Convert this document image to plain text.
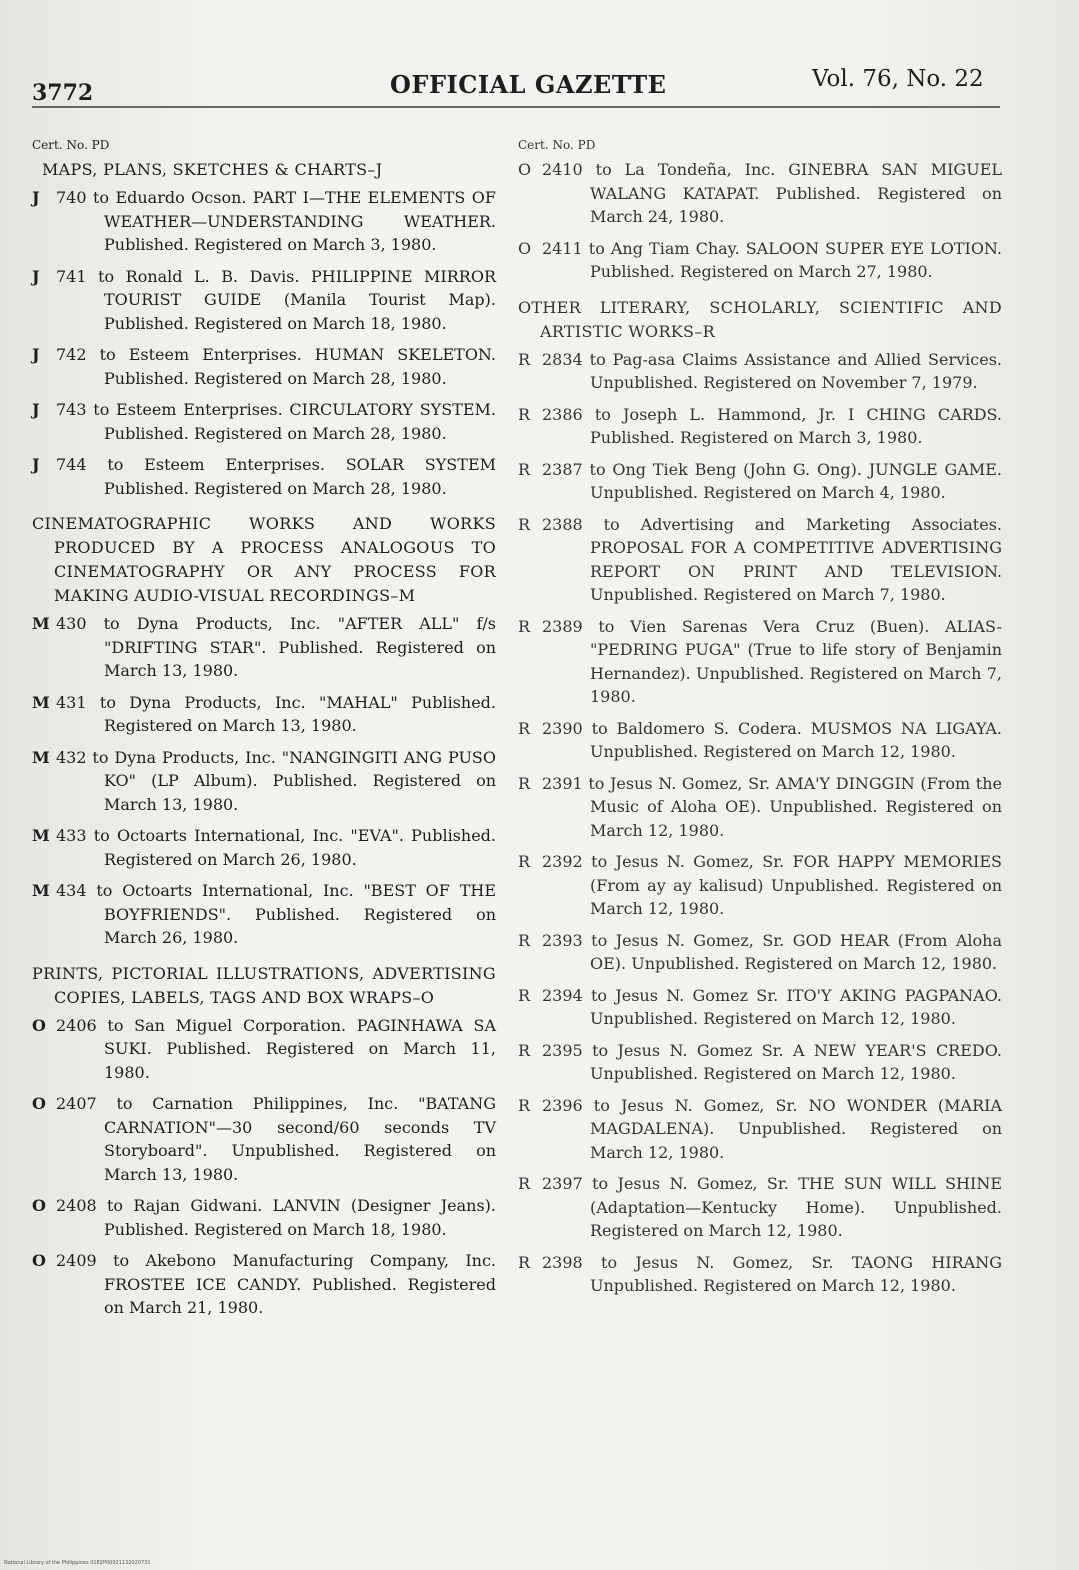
3772	OFFICIAL GAZETTE	Vol. 76, No. 22
Cert. No. PD
MAPS, PLANS, SKETCHES & CHARTS–J
J	740 to Eduardo Ocson. PART I—THE ELEMENTS OF WEATHER—UNDERSTANDING WEATHER. Published. Registered on March 3, 1980.
J	741 to Ronald L. B. Davis. PHILIPPINE MIRROR TOURIST GUIDE (Manila Tourist Map). Published. Registered on March 18, 1980.
J	742 to Esteem Enterprises. HUMAN SKELETON. Published. Registered on March 28, 1980.
J	743 to Esteem Enterprises. CIRCULATORY SYSTEM. Published. Registered on March 28, 1980.
J	744 to Esteem Enterprises. SOLAR SYSTEM Published. Registered on March 28, 1980.
CINEMATOGRAPHIC WORKS AND WORKS PRODUCED BY A PROCESS ANALOGOUS TO CINEMATOGRAPHY OR ANY PROCESS FOR MAKING AUDIO-VISUAL RECORDINGS–M
M 430 to Dyna Products, Inc. "AFTER ALL" f/s "DRIFTING STAR". Published. Registered on March 13, 1980.
M 431 to Dyna Products, Inc. "MAHAL" Published. Registered on March 13, 1980.
M 432 to Dyna Products, Inc. "NANGINGITI ANG PUSO KO" (LP Album). Published. Registered on March 13, 1980.
M 433 to Octoarts International, Inc. "EVA". Published. Registered on March 26, 1980.
M 434 to Octoarts International, Inc. "BEST OF THE BOYFRIENDS". Published. Registered on March 26, 1980.
PRINTS, PICTORIAL ILLUSTRATIONS, ADVERTISING COPIES, LABELS, TAGS AND BOX WRAPS–O
O 2406 to San Miguel Corporation. PAGINHAWA SA SUKI. Published. Registered on March 11, 1980.
O 2407 to Carnation Philippines, Inc. "BATANG CARNATION"—30 second/60 seconds TV Storyboard". Unpublished. Registered on March 13, 1980.
O 2408 to Rajan Gidwani. LANVIN (Designer Jeans). Published. Registered on March 18, 1980.
O 2409 to Akebono Manufacturing Company, Inc. FROSTEE ICE CANDY. Published. Registered on March 21, 1980.
Cert. No. PD
O 2410 to La Tondeña, Inc. GINEBRA SAN MIGUEL WALANG KATAPAT. Published. Registered on March 24, 1980.
O 2411 to Ang Tiam Chay. SALOON SUPER EYE LOTION. Published. Registered on March 27, 1980.
OTHER LITERARY, SCHOLARLY, SCIENTIFIC AND ARTISTIC WORKS–R
R 2834 to Pag-asa Claims Assistance and Allied Services. Unpublished. Registered on November 7, 1979.
R 2386 to Joseph L. Hammond, Jr. I CHING CARDS. Published. Registered on March 3, 1980.
R 2387 to Ong Tiek Beng (John G. Ong). JUNGLE GAME. Unpublished. Registered on March 4, 1980.
R 2388 to Advertising and Marketing Associates. PROPOSAL FOR A COMPETITIVE ADVERTISING REPORT ON PRINT AND TELEVISION. Unpublished. Registered on March 7, 1980.
R 2389 to Vien Sarenas Vera Cruz (Buen). ALIAS-"PEDRING PUGA" (True to life story of Benjamin Hernandez). Unpublished. Registered on March 7, 1980.
R 2390 to Baldomero S. Codera. MUSMOS NA LIGAYA. Unpublished. Registered on March 12, 1980.
R 2391 to Jesus N. Gomez, Sr. AMA'Y DINGGIN (From the Music of Aloha OE). Unpublished. Registered on March 12, 1980.
R 2392 to Jesus N. Gomez, Sr. FOR HAPPY MEMORIES (From ay ay kalisud) Unpublished. Registered on March 12, 1980.
R 2393 to Jesus N. Gomez, Sr. GOD HEAR (From Aloha OE). Unpublished. Registered on March 12, 1980.
R 2394 to Jesus N. Gomez Sr. ITO'Y AKING PAGPANAO. Unpublished. Registered on March 12, 1980.
R 2395 to Jesus N. Gomez Sr. A NEW YEAR'S CREDO. Unpublished. Registered on March 12, 1980.
R 2396 to Jesus N. Gomez, Sr. NO WONDER (MARIA MAGDALENA). Unpublished. Registered on March 12, 1980.
R 2397 to Jesus N. Gomez, Sr. THE SUN WILL SHINE (Adaptation—Kentucky Home). Unpublished. Registered on March 12, 1980.
R 2398 to Jesus N. Gomez, Sr. TAONG HIRANG Unpublished. Registered on March 12, 1980.
National Library of the Philippines 0182P00021132020731
